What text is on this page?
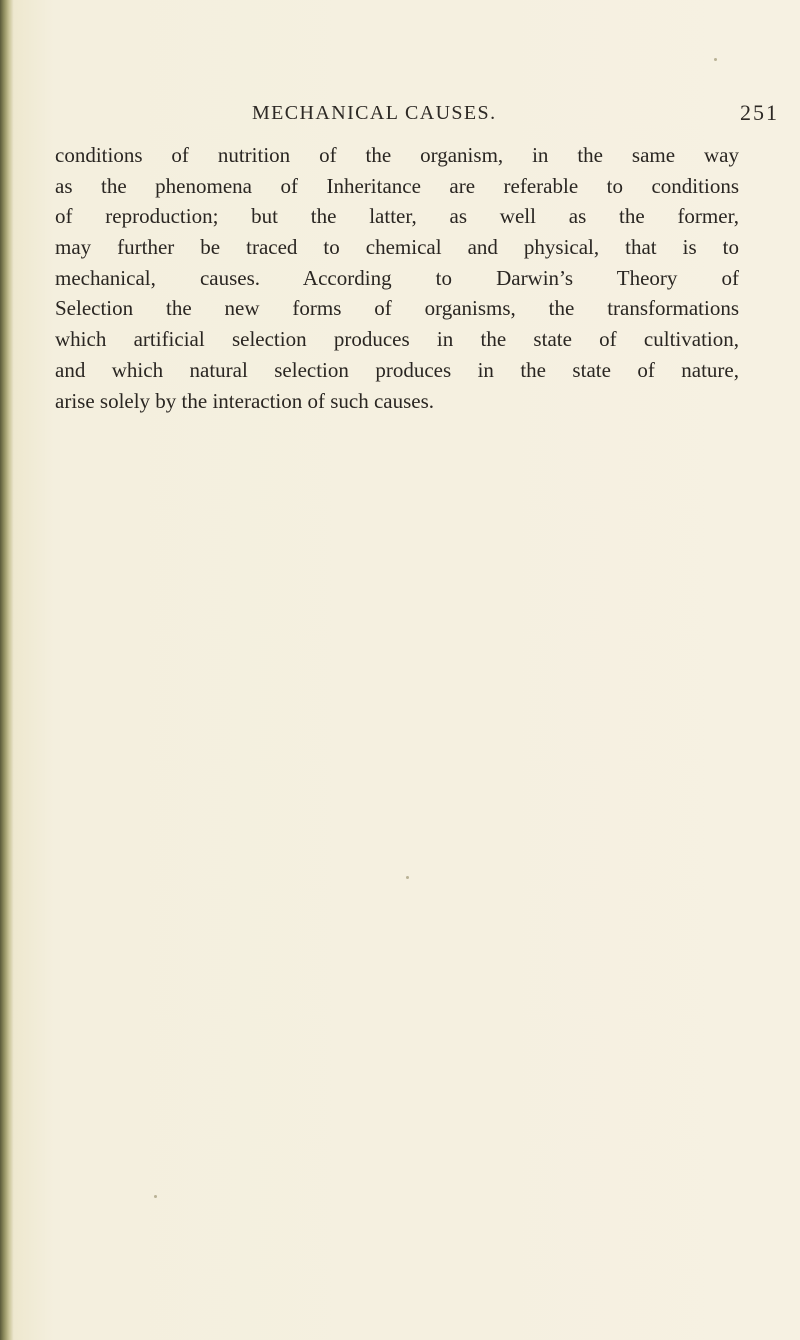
MECHANICAL CAUSES.	251
conditions of nutrition of the organism, in the same way
as the phenomena of Inheritance are referable to conditions
of reproduction; but the latter, as well as the former,
may further be traced to chemical and physical, that is to
mechanical, causes. According to Darwin’s Theory of
Selection the new forms of organisms, the transformations
which artificial selection produces in the state of cultivation,
and which natural selection produces in the state of nature,
arise solely by the interaction of such causes.
